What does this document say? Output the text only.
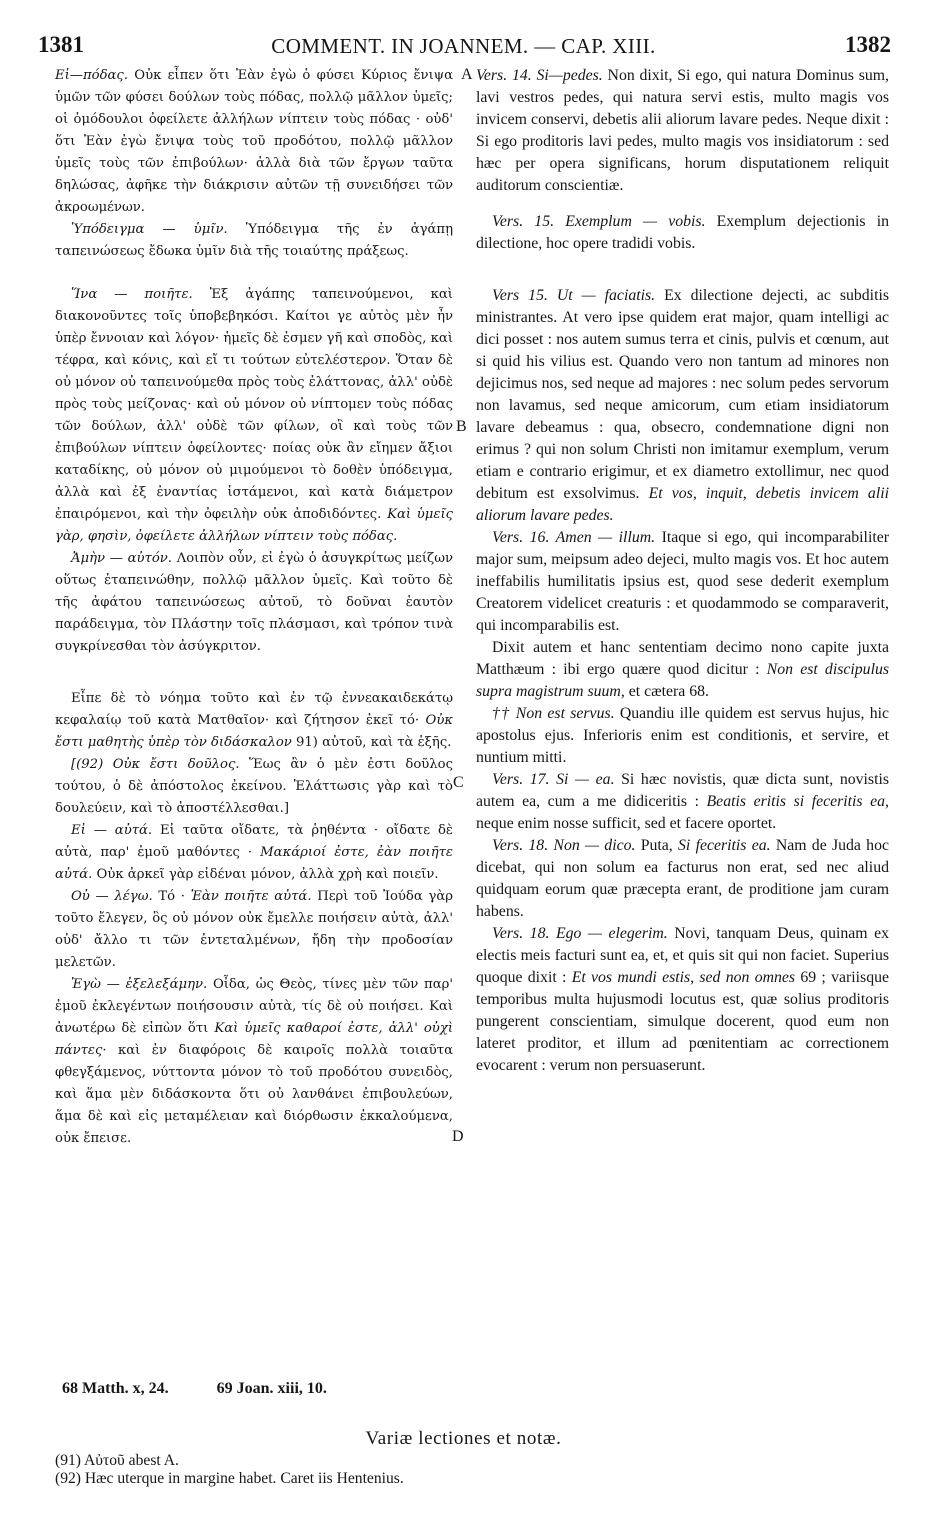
1381	COMMENT. IN JOANNEM. — CAP. XIII.	1382

Εἰ—πόδας. Οὐκ εἶπεν ὅτι Ἐὰν ἐγὼ ὁ φύσει Κύριος ἔνιψα ὑμῶν τῶν φύσει δούλων τοὺς πόδας, πολλῷ μᾶλλον ὑμεῖς; οἱ ὁμόδουλοι ὀφείλετε ἀλλήλων νίπτειν τοὺς πόδας · οὐδ' ὅτι Ἐὰν ἐγὼ ἔνιψα τοὺς τοῦ προδότου, πολλῷ μᾶλλον ὑμεῖς τοὺς τῶν ἐπιβούλων· ἀλλὰ διὰ τῶν ἔργων ταῦτα δηλώσας, ἀφῆκε τὴν διάκρισιν αὐτῶν τῇ συνειδήσει τῶν ἀκροωμένων.

Ὑπόδειγμα — ὑμῖν. Ὑπόδειγμα τῆς ἐν ἀγάπῃ ταπεινώσεως ἔδωκα ὑμῖν διὰ τῆς τοιαύτης πράξεως.

Ἵνα — ποιῆτε. Ἐξ ἀγάπης ταπεινούμενοι, καὶ διακονοῦντες τοῖς ὑποβεβηκόσι. Καίτοι γε αὐτὸς μὲν ἦν ὑπὲρ ἔννοιαν καὶ λόγον· ἡμεῖς δὲ ἐσμεν γῆ καὶ σποδὸς, καὶ τέφρα, καὶ κόνις, καὶ εἴ τι τούτων εὐτελέστερον. Ὅταν δὲ οὐ μόνον οὐ ταπεινούμεθα πρὸς τοὺς ἐλάττονας, ἀλλ' οὐδὲ πρὸς τοὺς μείζονας· καὶ οὐ μόνον οὐ νίπτομεν τοὺς πόδας τῶν δούλων, ἀλλ' οὐδὲ τῶν φίλων, οἳ καὶ τοὺς τῶν ἐπιβούλων νίπτειν ὀφείλοντες· ποίας οὐκ ἂν εἴημεν ἄξιοι καταδίκης, οὐ μόνον οὐ μιμούμενοι τὸ δοθὲν ὑπόδειγμα, ἀλλὰ καὶ ἐξ ἐναντίας ἱστάμενοι, καὶ κατὰ διάμετρον ἐπαιρόμενοι, καὶ τὴν ὀφειλὴν οὐκ ἀποδιδόντες. Καὶ ὑμεῖς γὰρ, φησὶν, ὀφείλετε ἀλλήλων νίπτειν τοὺς πόδας.

Ἀμὴν — αὐτόν. Λοιπὸν οὖν, εἰ ἐγὼ ὁ ἀσυγκρίτως μείζων οὕτως ἐταπεινώθην, πολλῷ μᾶλλον ὑμεῖς. Καὶ τοῦτο δὲ τῆς ἀφάτου ταπεινώσεως αὐτοῦ, τὸ δοῦναι ἑαυτὸν παράδειγμα, τὸν Πλάστην τοῖς πλάσμασι, καὶ τρόπον τινὰ συγκρίνεσθαι τὸν ἀσύγκριτον.

Εἶπε δὲ τὸ νόημα τοῦτο καὶ ἐν τῷ ἐννεακαιδεκάτῳ κεφαλαίῳ τοῦ κατὰ Ματθαῖον· καὶ ζήτησον ἐκεῖ τό· Οὐκ ἔστι μαθητὴς ὑπὲρ τὸν διδάσκαλον 91) αὐτοῦ, καὶ τὰ ἑξῆς.

[(92) Οὐκ ἔστι δοῦλος. Ἕως ἂν ὁ μὲν ἐστι δοῦλος τούτου, ὁ δὲ ἀπόστολος ἐκείνου. Ἐλάττωσις γὰρ καὶ τὸ δουλεύειν, καὶ τὸ ἀποστέλλεσθαι.]

Εἰ — αὐτά. Εἰ ταῦτα οἴδατε, τὰ ῥηθέντα · οἴδατε δὲ αὐτὰ, παρ' ἐμοῦ μαθόντες · Μακάριοί ἐστε, ἐὰν ποιῆτε αὐτά. Οὐκ ἀρκεῖ γὰρ εἰδέναι μόνον, ἀλλὰ χρὴ καὶ ποιεῖν.

Οὐ — λέγω. Τό · Ἐὰν ποιῆτε αὐτά. Περὶ τοῦ Ἰούδα γὰρ τοῦτο ἔλεγεν, ὃς οὐ μόνον οὐκ ἔμελλε ποιήσειν αὐτὰ, ἀλλ' οὐδ' ἄλλο τι τῶν ἐντεταλμένων, ἤδη τὴν προδοσίαν μελετῶν.

Ἐγὼ — ἐξελεξάμην. Οἶδα, ὡς Θεὸς, τίνες μὲν τῶν παρ' ἐμοῦ ἐκλεγέντων ποιήσουσιν αὐτὰ, τίς δὲ οὐ ποιήσει. Καὶ ἀνωτέρω δὲ εἰπὼν ὅτι Καὶ ὑμεῖς καθαροί ἐστε, ἀλλ' οὐχὶ πάντες· καὶ ἐν διαφόροις δὲ καιροῖς πολλὰ τοιαῦτα φθεγξάμενος, νύττοντα μόνον τὸ τοῦ προδότου συνειδὸς, καὶ ἅμα μὲν διδάσκοντα ὅτι οὐ λανθάνει ἐπιβουλεύων, ἅμα δὲ καὶ εἰς μεταμέλειαν καὶ διόρθωσιν ἐκκαλούμενα, οὐκ ἔπεισε.

A
B
C
D

Vers. 14. Si—pedes. Non dixit, Si ego, qui natura Dominus sum, lavi vestros pedes, qui natura servi estis, multo magis vos invicem conservi, debetis alii aliorum lavare pedes. Neque dixit : Si ego proditoris lavi pedes, multo magis vos insidiatorum : sed hæc per opera significans, horum disputationem reliquit auditorum conscientiæ.

Vers. 15. Exemplum — vobis. Exemplum dejectionis in dilectione, hoc opere tradidi vobis.

Vers 15. Ut — faciatis. Ex dilectione dejecti, ac subditis ministrantes. At vero ipse quidem erat major, quam intelligi ac dici posset : nos autem sumus terra et cinis, pulvis et cœnum, aut si quid his vilius est. Quando vero non tantum ad minores non dejicimus nos, sed neque ad majores : nec solum pedes servorum non lavamus, sed neque amicorum, cum etiam insidiatorum lavare debeamus : qua, obsecro, condemnatione digni non erimus ? qui non solum Christi non imitamur exemplum, verum etiam e contrario erigimur, et ex diametro extollimur, nec quod debitum est exsolvimus. Et vos, inquit, debetis invicem alii aliorum lavare pedes.

Vers. 16. Amen — illum. Itaque si ego, qui incomparabiliter major sum, meipsum adeo dejeci, multo magis vos. Et hoc autem ineffabilis humilitatis ipsius est, quod sese dederit exemplum Creatorem videlicet creaturis : et quodammodo se comparaverit, qui incomparabilis est.

Dixit autem et hanc sententiam decimo nono capite juxta Matthæum : ibi ergo quære quod dicitur : Non est discipulus supra magistrum suum, et cætera 68.

†† Non est servus. Quandiu ille quidem est servus hujus, hic apostolus ejus. Inferioris enim est conditionis, et servire, et nuntium mitti.

Vers. 17. Si — ea. Si hæc novistis, quæ dicta sunt, novistis autem ea, cum a me didiceritis : Beatis eritis si feceritis ea, neque enim nosse sufficit, sed et facere oportet.

Vers. 18. Non — dico. Puta, Si feceritis ea. Nam de Juda hoc dicebat, qui non solum ea facturus non erat, sed nec aliud quidquam eorum quæ præcepta erant, de proditione jam curam habens.

Vers. 18. Ego — elegerim. Novi, tanquam Deus, quinam ex electis meis facturi sunt ea, et, et quis sit qui non faciet. Superius quoque dixit : Et vos mundi estis, sed non omnes 69 ; variisque temporibus multa hujusmodi locutus est, quæ solius proditoris pungerent conscientiam, simulque docerent, quod eum non lateret proditor, et illum ad pœnitentiam ac correctionem evocarent : verum non persuaserunt.

68 Matth. x, 24.	69 Joan. xiii, 10.
Variæ lectiones et notæ.
(91) Αὐτοῦ abest A.
(92) Hæc uterque in margine habet. Caret iis Hentenius.
